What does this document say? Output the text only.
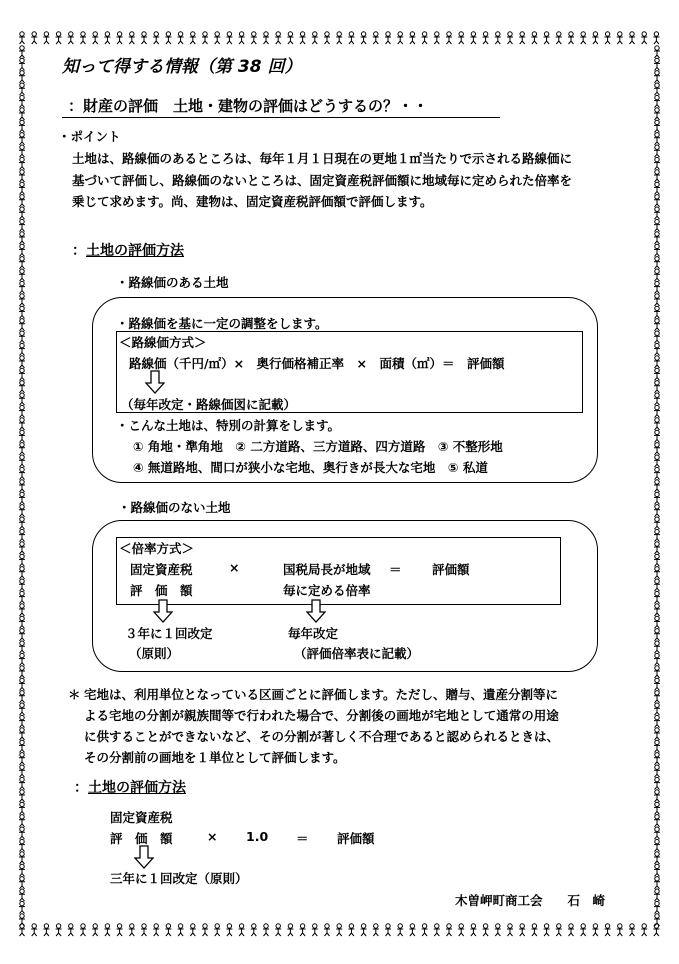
知って得する情報（第 38 回）
：財産の評価　土地・建物の評価はどうするの？・・
・ポイント
土地は、路線価のあるところは、毎年１月１日現在の更地１㎡当たりで示される路線価に
基づいて評価し、路線価のないところは、固定資産税評価額に地域毎に定められた倍率を
乗じて求めます。尚、建物は、固定資産税評価額で評価します。
：土地の評価方法
・路線価のある土地
・路線価を基に一定の調整をします。
＜路線価方式＞
路線価（千円/㎡）×　奥行価格補正率　×　面積（㎡）＝　評価額
（毎年改定・路線価図に記載）
・こんな土地は、特別の計算をします。
① 角地・準角地　② 二方道路、三方道路、四方道路　③ 不整形地
④ 無道路地、間口が狭小な宅地、奥行きが長大な宅地　⑤ 私道
・路線価のない土地
＜倍率方式＞
固定資産税
評　価　額
×	国税局長が地域
毎に定める倍率
＝ 評価額
３年に１回改定
（原則）
毎年改定
（評価倍率表に記載）
＊ 宅地は、利用単位となっている区画ごとに評価します。ただし、贈与、遺産分割等に
よる宅地の分割が親族間等で行われた場合で、分割後の画地が宅地として通常の用途
に供することができないなど、その分割が著しく不合理であると認められるときは、
その分割前の画地を１単位として評価します。
：土地の評価方法
固定資産税
評　価　額	× 1.0 ＝ 評価額
三年に１回改定（原則）
木曽岬町商工会　　石　崎
